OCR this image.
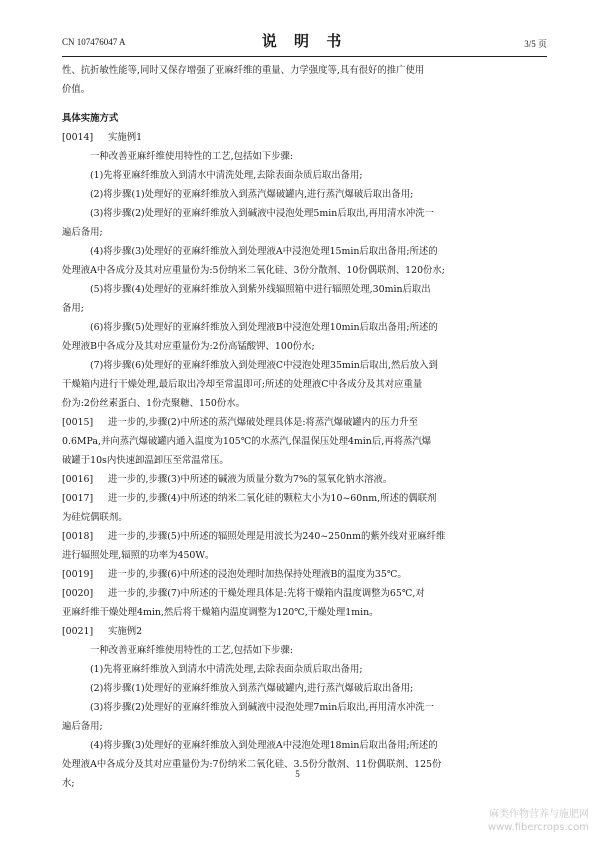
CN 107476047 A	说 明 书	3/5 页

性、抗折敏性能等,同时又保存增强了亚麻纤维的重量、力学强度等,具有很好的推广使用

价值。

具体实施方式

[0014]	实施例1

一种改善亚麻纤维使用特性的工艺,包括如下步骤:

(1)先将亚麻纤维放入到清水中清洗处理,去除表面杂质后取出备用;

(2)将步骤(1)处理好的亚麻纤维放入到蒸汽爆破罐内,进行蒸汽爆破后取出备用;

(3)将步骤(2)处理好的亚麻纤维放入到碱液中浸泡处理5min后取出,再用清水冲洗一

遍后备用;

(4)将步骤(3)处理好的亚麻纤维放入到处理液A中浸泡处理15min后取出备用;所述的

处理液A中各成分及其对应重量份为:5份纳米二氧化硅、3份分散剂、10份偶联剂、120份水;

(5)将步骤(4)处理好的亚麻纤维放入到紫外线辐照箱中进行辐照处理,30min后取出

备用;

(6)将步骤(5)处理好的亚麻纤维放入到处理液B中浸泡处理10min后取出备用;所述的

处理液B中各成分及其对应重量份为:2份高锰酸钾、100份水;

(7)将步骤(6)处理好的亚麻纤维放入到处理液C中浸泡处理35min后取出,然后放入到

干燥箱内进行干燥处理,最后取出冷却至常温即可;所述的处理液C中各成分及其对应重量

份为:2份丝素蛋白、1份壳聚糖、150份水。

[0015]	进一步的,步骤(2)中所述的蒸汽爆破处理具体是:将蒸汽爆破罐内的压力升至

0.6MPa,并向蒸汽爆破罐内通入温度为105℃的水蒸汽,保温保压处理4min后,再将蒸汽爆

破罐于10s内快速卸温卸压至常温常压。

[0016]	进一步的,步骤(3)中所述的碱液为质量分数为7%的氢氧化钠水溶液。
[0017]	进一步的,步骤(4)中所述的纳米二氧化硅的颗粒大小为10~60nm,所述的偶联剂

为硅烷偶联剂。

[0018]	进一步的,步骤(5)中所述的辐照处理是用波长为240~250nm的紫外线对亚麻纤维

进行辐照处理,辐照的功率为450W。

[0019]	进一步的,步骤(6)中所述的浸泡处理时加热保持处理液B的温度为35℃。
[0020]	进一步的,步骤(7)中所述的干燥处理具体是:先将干燥箱内温度调整为65℃,对

亚麻纤维干燥处理4min,然后将干燥箱内温度调整为120℃,干燥处理1min。

[0021]	实施例2

一种改善亚麻纤维使用特性的工艺,包括如下步骤:

(1)先将亚麻纤维放入到清水中清洗处理,去除表面杂质后取出备用;

(2)将步骤(1)处理好的亚麻纤维放入到蒸汽爆破罐内,进行蒸汽爆破后取出备用;

(3)将步骤(2)处理好的亚麻纤维放入到碱液中浸泡处理7min后取出,再用清水冲洗一

遍后备用;

(4)将步骤(3)处理好的亚麻纤维放入到处理液A中浸泡处理18min后取出备用;所述的

处理液A中各成分及其对应重量份为:7份纳米二氧化硅、3.5份分散剂、11份偶联剂、125份

水;

5
麻类作物营养与施肥网
www.fibercrops.com
